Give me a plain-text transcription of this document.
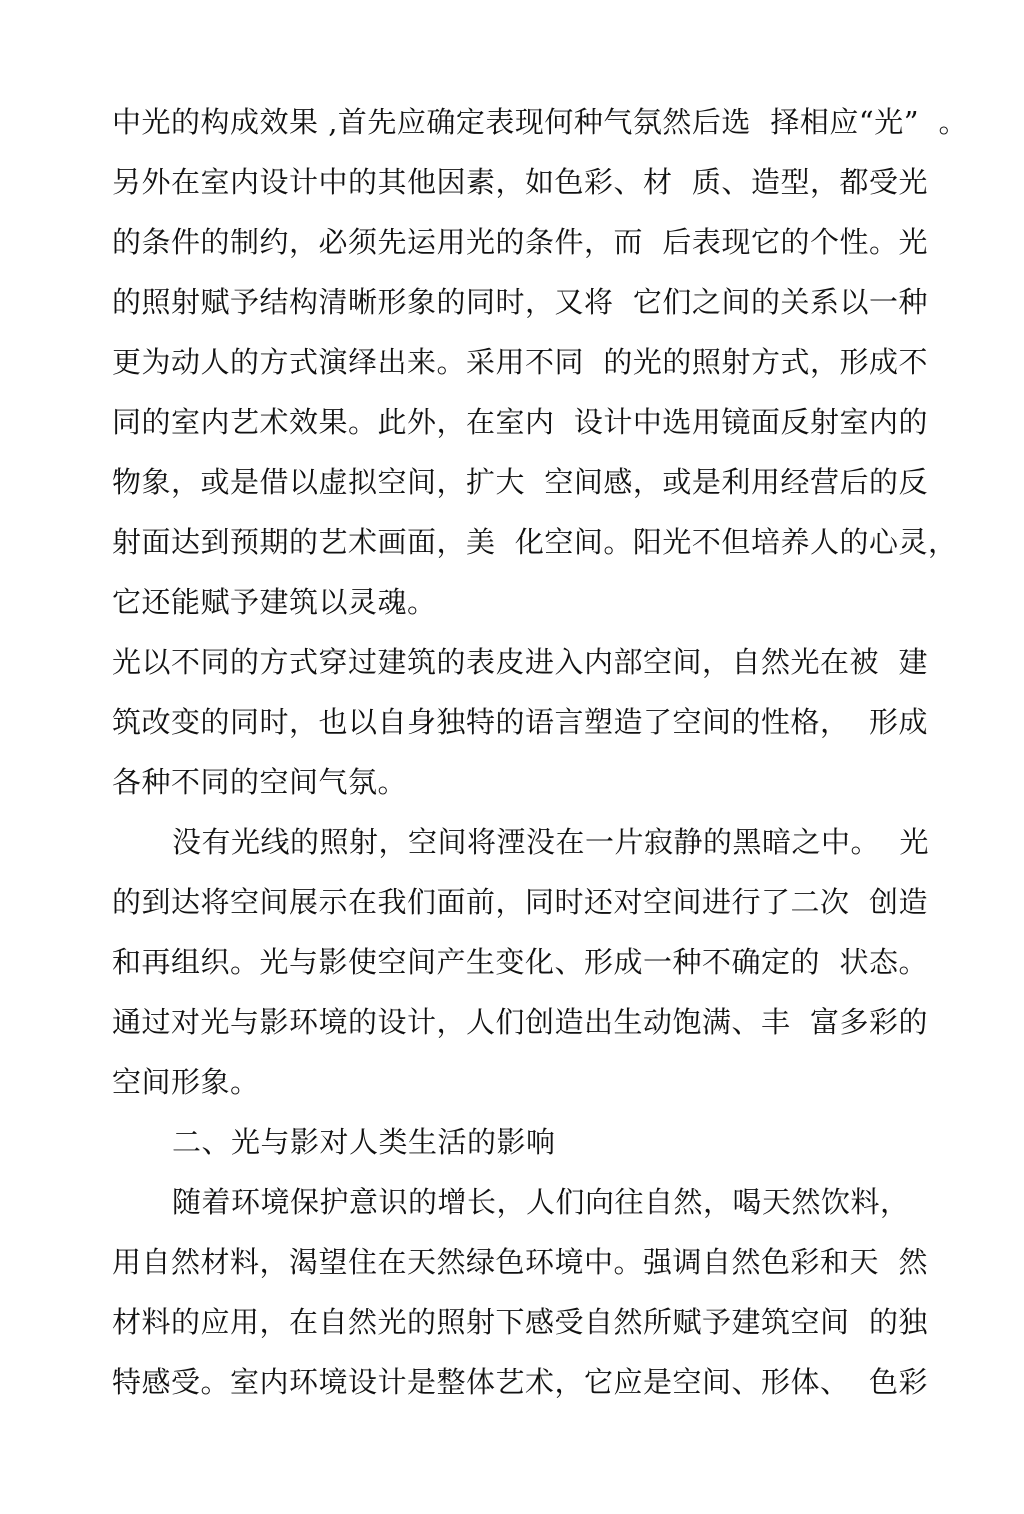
中光的构成效果 ,首先应确定表现何种气氛然后选  择相应“光”  。
另外在室内设计中的其他因素，如色彩、材  质、造型，都受光
的条件的制约，必须先运用光的条件，而  后表现它的个性。光
的照射赋予结构清晰形象的同时，又将  它们之间的关系以一种
更为动人的方式演绎出来。采用不同  的光的照射方式，形成不
同的室内艺术效果。此外，在室内  设计中选用镜面反射室内的
物象，或是借以虚拟空间，扩大  空间感，或是利用经营后的反
射面达到预期的艺术画面，美  化空间。阳光不但培养人的心灵，
它还能赋予建筑以灵魂。
光以不同的方式穿过建筑的表皮进入内部空间，自然光在被  建
筑改变的同时，也以自身独特的语言塑造了空间的性格，  形成
各种不同的空间气氛。
没有光线的照射，空间将湮没在一片寂静的黑暗之中。  光
的到达将空间展示在我们面前，同时还对空间进行了二次  创造
和再组织。光与影使空间产生变化、形成一种不确定的  状态。
通过对光与影环境的设计，人们创造出生动饱满、丰  富多彩的
空间形象。
二、光与影对人类生活的影响
随着环境保护意识的增长，人们向往自然，喝天然饮料，
用自然材料，渴望住在天然绿色环境中。强调自然色彩和天  然
材料的应用，在自然光的照射下感受自然所赋予建筑空间  的独
特感受。室内环境设计是整体艺术，它应是空间、形体、  色彩
